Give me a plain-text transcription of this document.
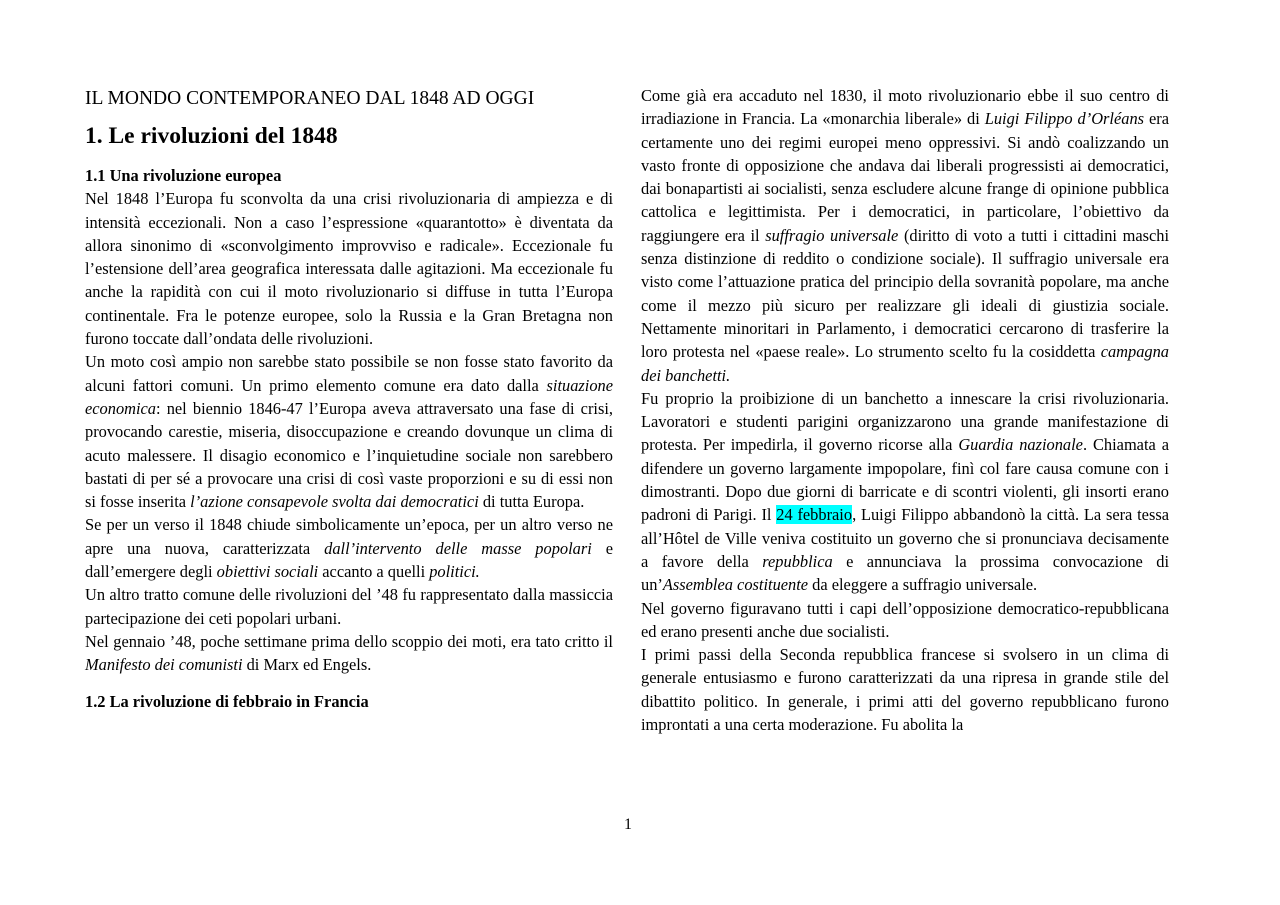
IL MONDO CONTEMPORANEO DAL 1848 AD OGGI
1. Le rivoluzioni del 1848
1.1 Una rivoluzione europea

Nel 1848 l’Europa fu sconvolta da una crisi rivoluzionaria di ampiezza e di intensità eccezionali. Non a caso l’espressione «quarantotto» è diventata da allora sinonimo di «sconvolgimento improvviso e radicale». Eccezionale fu l’estensione dell’area geografica interessata dalle agitazioni. Ma eccezionale fu anche la rapidità con cui il moto rivoluzionario si diffuse in tutta l’Europa continentale. Fra le potenze europee, solo la Russia e la Gran Bretagna non furono toccate dall’ondata delle rivoluzioni.

Un moto così ampio non sarebbe stato possibile se non fosse stato favorito da alcuni fattori comuni. Un primo elemento comune era dato dalla situazione economica: nel biennio 1846-47 l’Europa aveva attraversato una fase di crisi, provocando carestie, miseria, disoccupazione e creando dovunque un clima di acuto malessere. Il disagio economico e l’inquietudine sociale non sarebbero bastati di per sé a provocare una crisi di così vaste proporzioni e su di essi non si fosse inserita l’azione consapevole svolta dai democratici di tutta Europa.

Se per un verso il 1848 chiude simbolicamente un’epoca, per un altro verso ne apre una nuova, caratterizzata dall’intervento delle masse popolari e dall’emergere degli obiettivi sociali accanto a quelli politici.

Un altro tratto comune delle rivoluzioni del ’48 fu rappresentato dalla massiccia partecipazione dei ceti popolari urbani.

Nel gennaio ’48, poche settimane prima dello scoppio dei moti, era tato critto il Manifesto dei comunisti di Marx ed Engels.

1.2 La rivoluzione di febbraio in Francia

Come già era accaduto nel 1830, il moto rivoluzionario ebbe il suo centro di irradiazione in Francia. La «monarchia liberale» di Luigi Filippo d’Orléans era certamente uno dei regimi europei meno oppressivi. Si andò coalizzando un vasto fronte di opposizione che andava dai liberali progressisti ai democratici, dai bonapartisti ai socialisti, senza escludere alcune frange di opinione pubblica cattolica e legittimista. Per i democratici, in particolare, l’obiettivo da raggiungere era il suffragio universale (diritto di voto a tutti i cittadini maschi senza distinzione di reddito o condizione sociale). Il suffragio universale era visto come l’attuazione pratica del principio della sovranità popolare, ma anche come il mezzo più sicuro per realizzare gli ideali di giustizia sociale. Nettamente minoritari in Parlamento, i democratici cercarono di trasferire la loro protesta nel «paese reale». Lo strumento scelto fu la cosiddetta campagna dei banchetti.

Fu proprio la proibizione di un banchetto a innescare la crisi rivoluzionaria. Lavoratori e studenti parigini organizzarono una grande manifestazione di protesta. Per impedirla, il governo ricorse alla Guardia nazionale. Chiamata a difendere un governo largamente impopolare, finì col fare causa comune con i dimostranti. Dopo due giorni di barricate e di scontri violenti, gli insorti erano padroni di Parigi. Il 24 febbraio, Luigi Filippo abbandonò la città. La sera tessa all’Hôtel de Ville veniva costituito un governo che si pronunciava decisamente a favore della repubblica e annunciava la prossima convocazione di un’Assemblea costituente da eleggere a suffragio universale.

Nel governo figuravano tutti i capi dell’opposizione democratico-repubblicana ed erano presenti anche due socialisti.

I primi passi della Seconda repubblica francese si svolsero in un clima di generale entusiasmo e furono caratterizzati da una ripresa in grande stile del dibattito politico. In generale, i primi atti del governo repubblicano furono improntati a una certa moderazione. Fu abolita la

1
